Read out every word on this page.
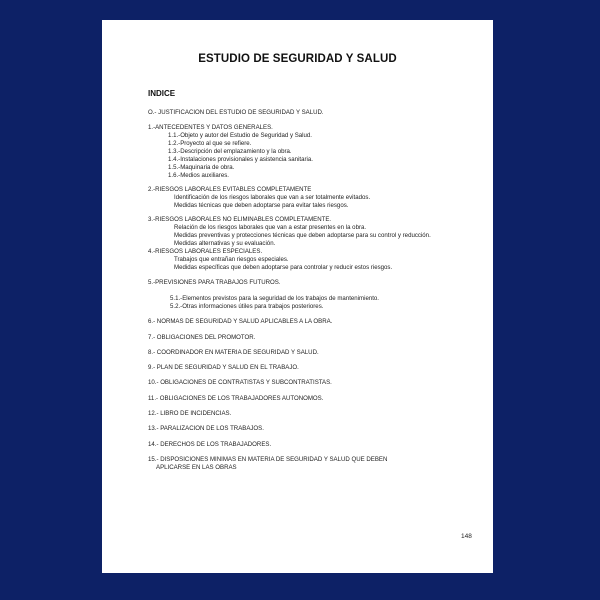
ESTUDIO DE SEGURIDAD Y SALUD
INDICE
O.- JUSTIFICACION DEL ESTUDIO DE SEGURIDAD Y SALUD.
1.-ANTECEDENTES Y DATOS GENERALES.
1.1.-Objeto y autor del Estudio de Seguridad y Salud.
1.2.-Proyecto al que se refiere.
1.3.-Descripción del emplazamiento y la obra.
1.4.-Instalaciones provisionales y asistencia sanitaria.
1.5.-Maquinaria de obra.
1.6.-Medios auxiliares.
2.-RIESGOS LABORALES EVITABLES COMPLETAMENTE
Identificación de los riesgos laborales que van a ser totalmente evitados.
Medidas técnicas que deben adoptarse para evitar tales riesgos.
3.-RIESGOS LABORALES NO ELIMINABLES COMPLETAMENTE.
Relación de los riesgos laborales que van a estar presentes en la obra.
Medidas preventivas y protecciones técnicas que deben adoptarse para su control y reducción.
Medidas alternativas y su evaluación.
4.-RIESGOS LABORALES ESPECIALES.
Trabajos que entrañan riesgos especiales.
Medidas específicas que deben adoptarse para controlar y reducir estos riesgos.
5.-PREVISIONES PARA TRABAJOS FUTUROS.
5.1.-Elementos previstos para la seguridad de los trabajos de mantenimiento.
5.2.-Otras informaciones útiles para trabajos posteriores.
6.- NORMAS DE SEGURIDAD Y SALUD APLICABLES A LA OBRA.
7.- OBLIGACIONES DEL PROMOTOR.
8.- COORDINADOR EN MATERIA DE SEGURIDAD Y SALUD.
9.- PLAN DE SEGURIDAD Y SALUD EN EL TRABAJO.
10.- OBLIGACIONES DE CONTRATISTAS Y SUBCONTRATISTAS.
11.- OBLIGACIONES DE LOS TRABAJADORES AUTONOMOS.
12.- LIBRO DE INCIDENCIAS.
13.- PARALIZACION DE LOS TRABAJOS.
14.- DERECHOS DE LOS TRABAJADORES.
15.- DISPOSICIONES MINIMAS EN MATERIA DE SEGURIDAD Y SALUD QUE DEBEN
APLICARSE EN LAS OBRAS
148
